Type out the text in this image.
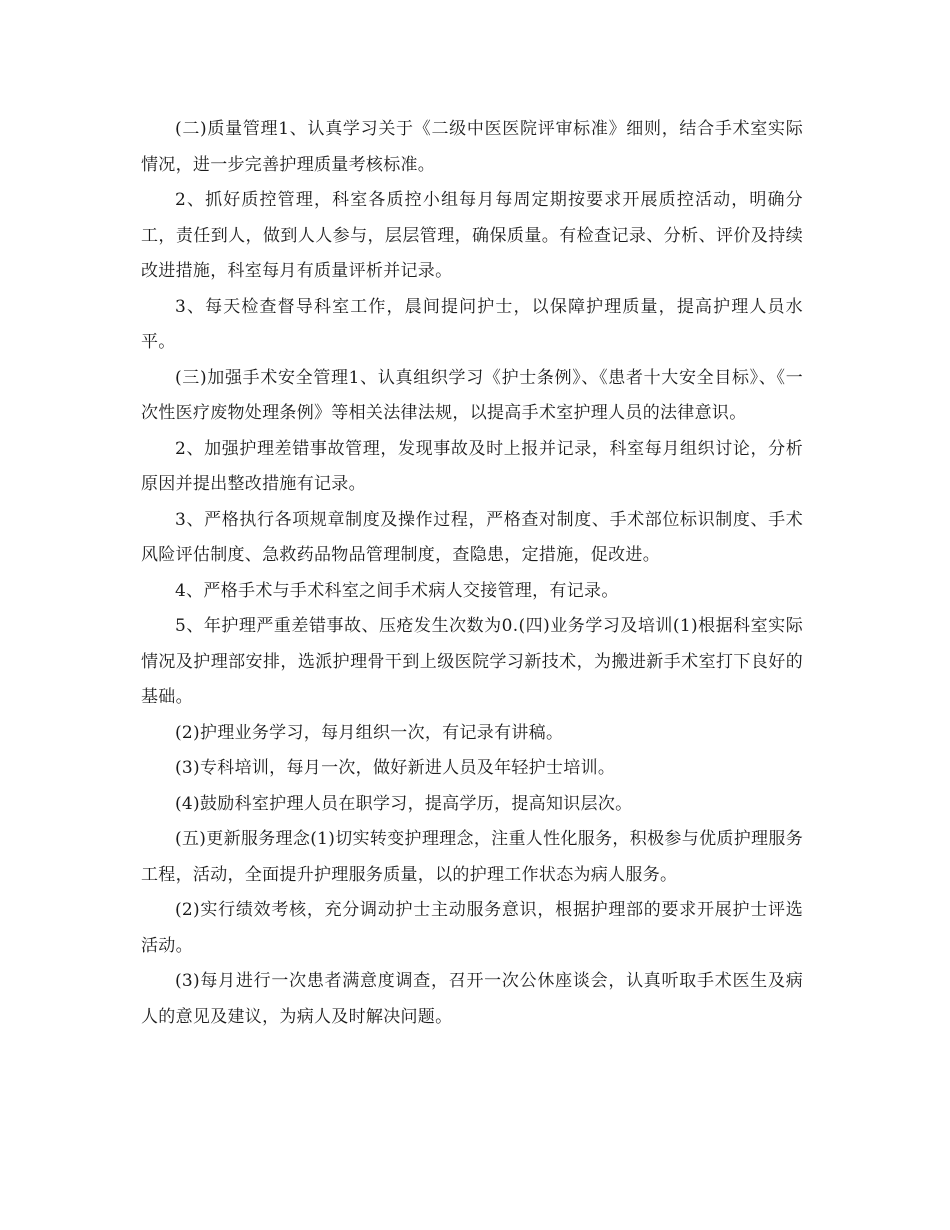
(二)质量管理1、认真学习关于《二级中医医院评审标准》细则，结合手术室实际情况，进一步完善护理质量考核标准。

2、抓好质控管理，科室各质控小组每月每周定期按要求开展质控活动，明确分工，责任到人，做到人人参与，层层管理，确保质量。有检查记录、分析、评价及持续改进措施，科室每月有质量评析并记录。

3、每天检查督导科室工作，晨间提问护士，以保障护理质量，提高护理人员水平。

(三)加强手术安全管理1、认真组织学习《护士条例》、《患者十大安全目标》、《一次性医疗废物处理条例》等相关法律法规，以提高手术室护理人员的法律意识。

2、加强护理差错事故管理，发现事故及时上报并记录，科室每月组织讨论，分析原因并提出整改措施有记录。

3、严格执行各项规章制度及操作过程，严格查对制度、手术部位标识制度、手术风险评估制度、急救药品物品管理制度，查隐患，定措施，促改进。

4、严格手术与手术科室之间手术病人交接管理，有记录。

5、年护理严重差错事故、压疮发生次数为0.(四)业务学习及培训(1)根据科室实际情况及护理部安排，选派护理骨干到上级医院学习新技术，为搬进新手术室打下良好的基础。

(2)护理业务学习，每月组织一次，有记录有讲稿。

(3)专科培训，每月一次，做好新进人员及年轻护士培训。

(4)鼓励科室护理人员在职学习，提高学历，提高知识层次。

(五)更新服务理念(1)切实转变护理理念，注重人性化服务，积极参与优质护理服务工程，活动，全面提升护理服务质量，以的护理工作状态为病人服务。

(2)实行绩效考核，充分调动护士主动服务意识，根据护理部的要求开展护士评选活动。

(3)每月进行一次患者满意度调查，召开一次公休座谈会，认真听取手术医生及病人的意见及建议，为病人及时解决问题。
